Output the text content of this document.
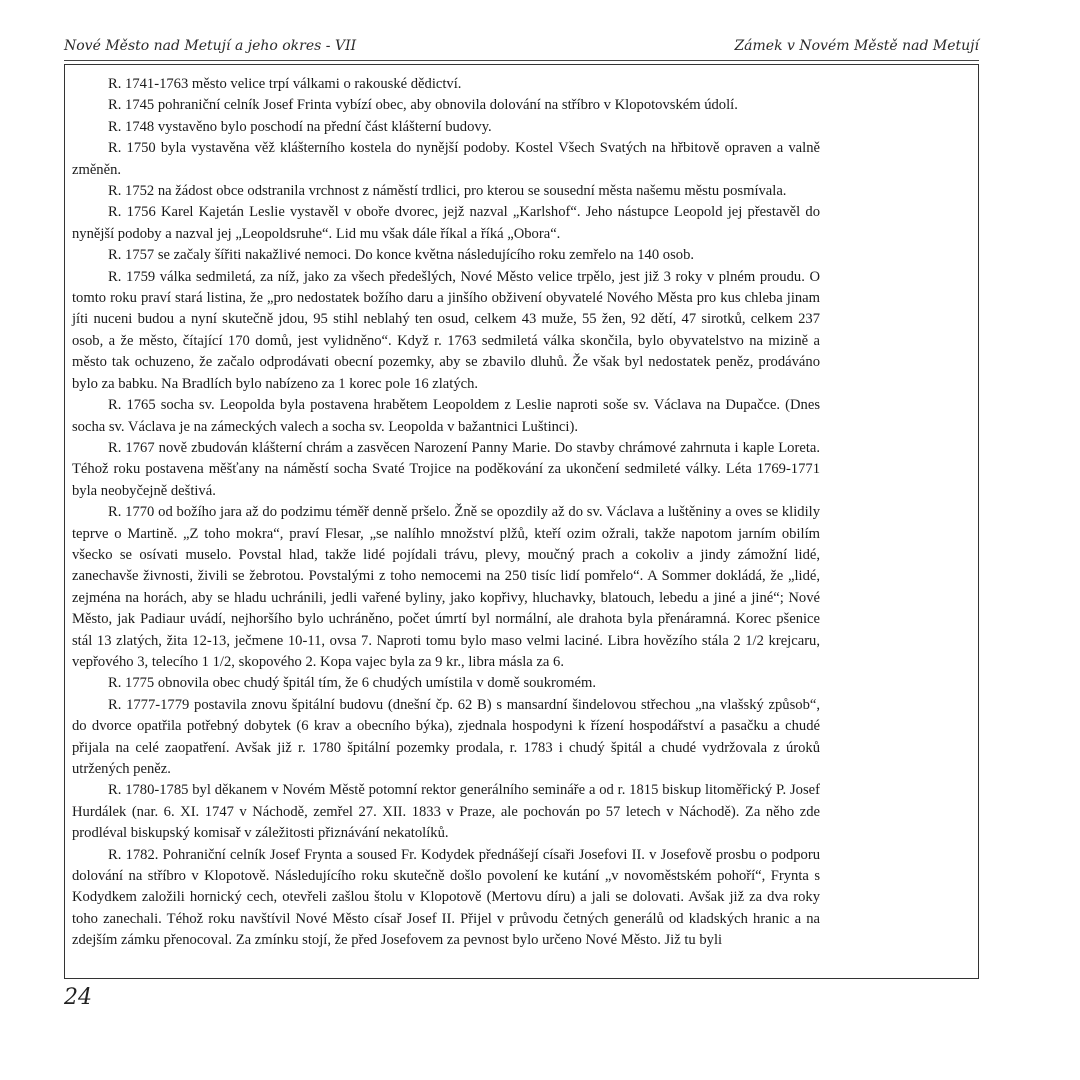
Nové Město nad Metují a jeho okres - VII	Zámek v Novém Městě nad Metují

R. 1741-1763 město velice trpí válkami o rakouské dědictví.

R. 1745 pohraniční celník Josef Frinta vybízí obec, aby obnovila dolování na stříbro v Klopotovském údolí.

R. 1748 vystavěno bylo poschodí na přední část klášterní budovy.

R. 1750 byla vystavěna věž klášterního kostela do nynější podoby. Kostel Všech Svatých na hřbitově opraven a valně změněn.

R. 1752 na žádost obce odstranila vrchnost z náměstí trdlici, pro kterou se sousední města našemu městu posmívala.

R. 1756 Karel Kajetán Leslie vystavěl v oboře dvorec, jejž nazval „Karlshof“. Jeho nástupce Leopold jej přestavěl do nynější podoby a nazval jej „Leopoldsruhe“. Lid mu však dále říkal a říká „Obora“.

R. 1757 se začaly šířiti nakažlivé nemoci. Do konce května následujícího roku zemřelo na 140 osob.

R. 1759 válka sedmiletá, za níž, jako za všech předešlých, Nové Město velice trpělo, jest již 3 roky v plném proudu. O tomto roku praví stará listina, že „pro nedostatek božího daru a jinšího obživení obyvatelé Nového Města pro kus chleba jinam jíti nuceni budou a nyní skutečně jdou, 95 stihl neblahý ten osud, celkem 43 muže, 55 žen, 92 dětí, 47 sirotků, celkem 237 osob, a že město, čítající 170 domů, jest vylidněno“. Když r. 1763 sedmiletá válka skončila, bylo obyvatelstvo na mizině a město tak ochuzeno, že začalo odprodávati obecní pozemky, aby se zbavilo dluhů. Že však byl nedostatek peněz, prodáváno bylo za babku. Na Bradlích bylo nabízeno za 1 korec pole 16 zlatých.

R. 1765 socha sv. Leopolda byla postavena hrabětem Leopoldem z Leslie naproti soše sv. Václava na Dupačce. (Dnes socha sv. Václava je na zámeckých valech a socha sv. Leopolda v bažantnici Luštinci).

R. 1767 nově zbudován klášterní chrám a zasvěcen Narození Panny Marie. Do stavby chrámové zahrnuta i kaple Loreta. Téhož roku postavena měšťany na náměstí socha Svaté Trojice na poděkování za ukončení sedmileté války. Léta 1769-1771 byla neobyčejně deštivá.

R. 1770 od božího jara až do podzimu téměř denně pršelo. Žně se opozdily až do sv. Václava a luštěniny a oves se klidily teprve o Martině. „Z toho mokra“, praví Flesar, „se nalíhlo množství plžů, kteří ozim ožrali, takže napotom jarním obilím všecko se osívati muselo. Povstal hlad, takže lidé pojídali trávu, plevy, moučný prach a cokoliv a jindy zámožní lidé, zanechavše živnosti, živili se žebrotou. Povstalými z toho nemocemi na 250 tisíc lidí pomřelo“. A Sommer dokládá, že „lidé, zejména na horách, aby se hladu uchránili, jedli vařené byliny, jako kopřivy, hluchavky, blatouch, lebedu a jiné a jiné“; Nové Město, jak Padiaur uvádí, nejhoršího bylo uchráněno, počet úmrtí byl normální, ale drahota byla přenáramná. Korec pšenice stál 13 zlatých, žita 12-13, ječmene 10-11, ovsa 7. Naproti tomu bylo maso velmi laciné. Libra hovězího stála 2 1/2 krejcaru, vepřového 3, telecího 1 1/2, skopového 2. Kopa vajec byla za 9 kr., libra másla za 6.

R. 1775 obnovila obec chudý špitál tím, že 6 chudých umístila v domě soukromém.

R. 1777-1779 postavila znovu špitální budovu (dnešní čp. 62 B) s mansardní šindelovou střechou „na vlašský způsob“, do dvorce opatřila potřebný dobytek (6 krav a obecního býka), zjednala hospodyni k řízení hospodářství a pasačku a chudé přijala na celé zaopatření. Avšak již r. 1780 špitální pozemky prodala, r. 1783 i chudý špitál a chudé vydržovala z úroků utržených peněz.

R. 1780-1785 byl děkanem v Novém Městě potomní rektor generálního semináře a od r. 1815 biskup litoměřický P. Josef Hurdálek (nar. 6. XI. 1747 v Náchodě, zemřel 27. XII. 1833 v Praze, ale pochován po 57 letech v Náchodě). Za něho zde prodléval biskupský komisař v záležitosti přiznávání nekatolíků.

R. 1782. Pohraniční celník Josef Frynta a soused Fr. Kodydek přednášejí císaři Josefovi II. v Josefově prosbu o podporu dolování na stříbro v Klopotově. Následujícího roku skutečně došlo povolení ke kutání „v novoměstském pohoří“, Frynta s Kodydkem založili hornický cech, otevřeli zašlou štolu v Klopotově (Mertovu díru) a jali se dolovati. Avšak již za dva roky toho zanechali. Téhož roku navštívil Nové Město císař Josef II. Přijel v průvodu četných generálů od kladských hranic a na zdejším zámku přenocoval. Za zmínku stojí, že před Josefovem za pevnost bylo určeno Nové Město. Již tu byli

24
